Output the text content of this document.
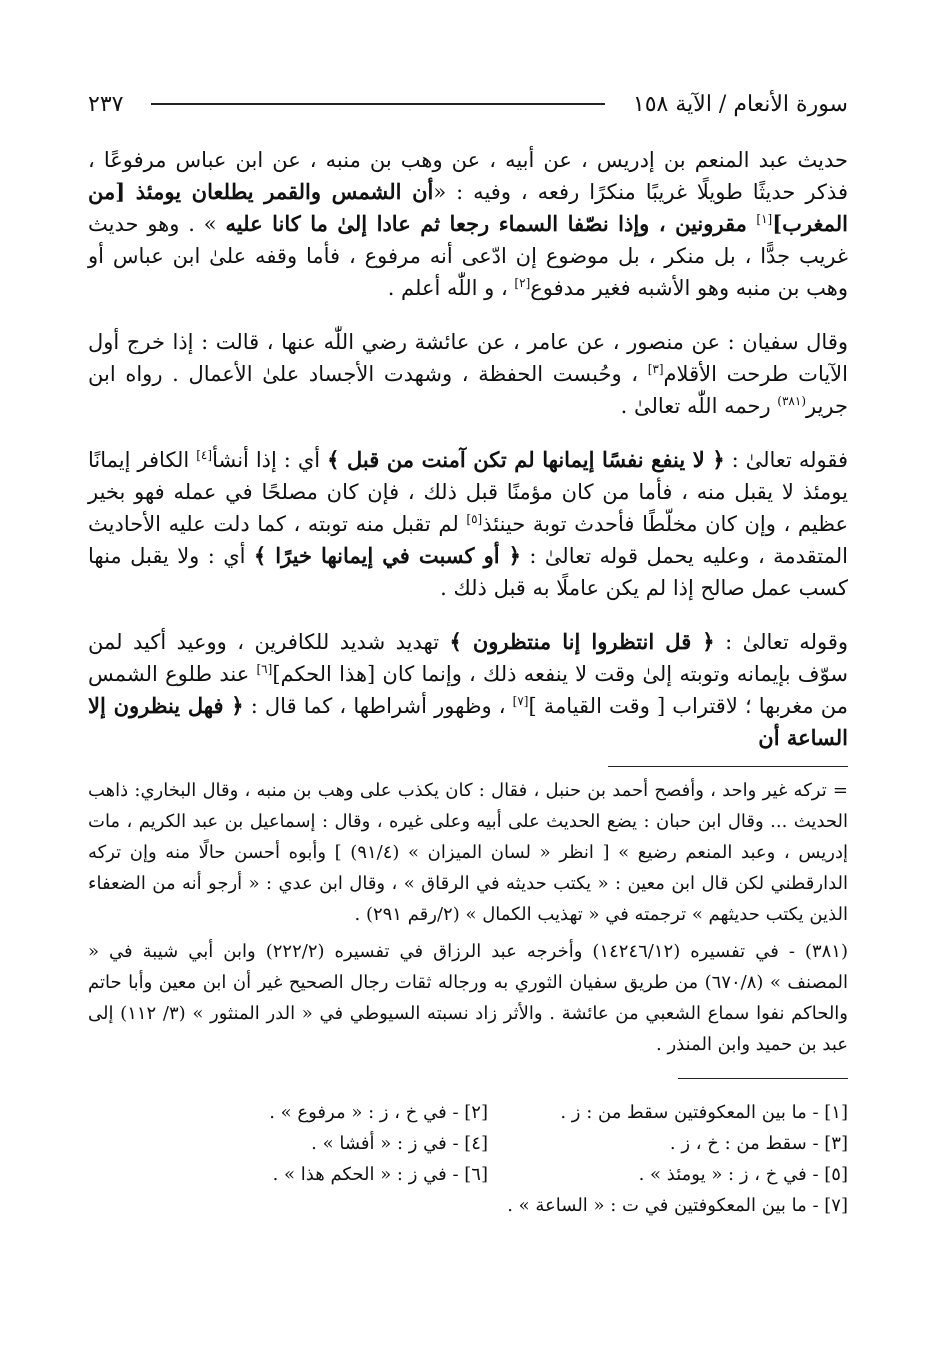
سورة الأنعام / الآية ١٥٨
٢٣٧

حديث عبد المنعم بن إدريس ، عن أبيه ، عن وهب بن منبه ، عن ابن عباس مرفوعًا ، فذكر حديثًا طويلًا غريبًا منكرًا رفعه ، وفيه : «أن الشمس والقمر يطلعان يومئذ [من المغرب][١] مقرونين ، وإذا نصّفا السماء رجعا ثم عادا إلىٰ ما كانا عليه » . وهو حديث غريب جدًّا ، بل منكر ، بل موضوع إن ادّعى أنه مرفوع ، فأما وقفه علىٰ ابن عباس أو وهب بن منبه وهو الأشبه فغير مدفوع[٢] ، و اللّٰه أعلم .

وقال سفيان : عن منصور ، عن عامر ، عن عائشة رضي اللّٰه عنها ، قالت : إذا خرج أول الآيات طرحت الأقلام[٣] ، وحُبست الحفظة ، وشهدت الأجساد علىٰ الأعمال . رواه ابن جرير$^{(٣٨١)}$ رحمه اللّٰه تعالىٰ .

فقوله تعالىٰ : ﴿ لا ينفع نفسًا إيمانها لم تكن آمنت من قبل ﴾ أي : إذا أنشأ[٤] الكافر إيمانًا يومئذ لا يقبل منه ، فأما من كان مؤمنًا قبل ذلك ، فإن كان مصلحًا في عمله فهو بخير عظيم ، وإن كان مخلّطًا فأحدث توبة حينئذ[٥] لم تقبل منه توبته ، كما دلت عليه الأحاديث المتقدمة ، وعليه يحمل قوله تعالىٰ : ﴿ أو كسبت في إيمانها خيرًا ﴾ أي : ولا يقبل منها كسب عمل صالح إذا لم يكن عاملًا به قبل ذلك .

وقوله تعالىٰ : ﴿ قل انتظروا إنا منتظرون ﴾ تهديد شديد للكافرين ، ووعيد أكيد لمن سوّف بإيمانه وتوبته إلىٰ وقت لا ينفعه ذلك ، وإنما كان [هذا الحكم][٦] عند طلوع الشمس من مغربها ؛ لاقتراب [ وقت القيامة ][٧] ، وظهور أشراطها ، كما قال : ﴿ فهل ينظرون إلا الساعة أن

= تركه غير واحد ، وأفصح أحمد بن حنبل ، فقال : كان يكذب على وهب بن منبه ، وقال البخاري: ذاهب الحديث ... وقال ابن حبان : يضع الحديث على أبيه وعلى غيره ، وقال : إسماعيل بن عبد الكريم ، مات إدريس ، وعبد المنعم رضيع » [ انظر « لسان الميزان » (٩١/٤) ] وأبوه أحسن حالًا منه وإن تركه الدارقطني لكن قال ابن معين : « يكتب حديثه في الرقاق » ، وقال ابن عدي : « أرجو أنه من الضعفاء الذين يكتب حديثهم » ترجمته في « تهذيب الكمال » (٢/رقم ٢٩١) .

(٣٨١) - في تفسيره (١٤٢٤٦/١٢) وأخرجه عبد الرزاق في تفسيره (٢٢٢/٢) وابن أبي شيبة في « المصنف » (٦٧٠/٨) من طريق سفيان الثوري به ورجاله ثقات رجال الصحيح غير أن ابن معين وأبا حاتم والحاكم نفوا سماع الشعبي من عائشة . والأثر زاد نسبته السيوطي في « الدر المنثور » (٣/ ١١٢) إلى عبد بن حميد وابن المنذر .

[١] - ما بين المعكوفتين سقط من : ز .
[٢] - في خ ، ز : « مرفوع » .
[٣] - سقط من : خ ، ز .
[٤] - في ز : « أفشا » .
[٥] - في خ ، ز : « يومئذ » .
[٦] - في ز : « الحكم هذا » .
[٧] - ما بين المعكوفتين في ت : « الساعة » .
